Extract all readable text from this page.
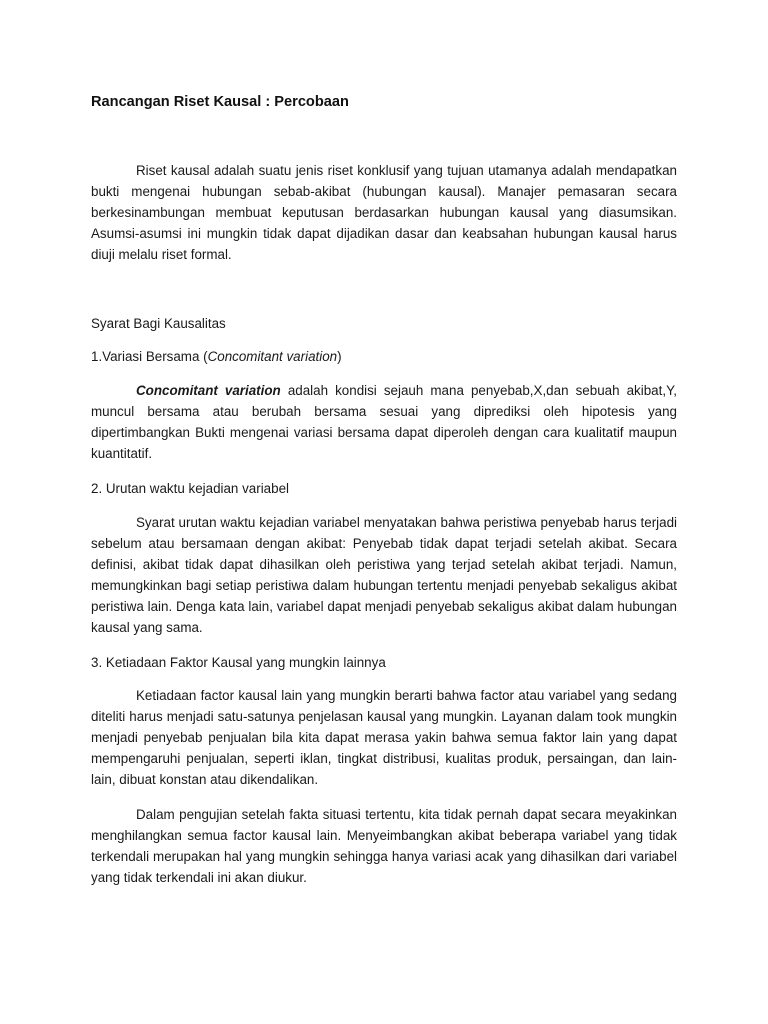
Rancangan Riset Kausal : Percobaan

Riset kausal adalah suatu jenis riset konklusif yang tujuan utamanya adalah mendapatkan bukti mengenai hubungan sebab-akibat (hubungan kausal). Manajer pemasaran secara berkesinambungan membuat keputusan berdasarkan hubungan kausal yang diasumsikan. Asumsi-asumsi ini mungkin tidak dapat dijadikan dasar dan keabsahan hubungan kausal harus diuji melalu riset formal.

Syarat Bagi Kausalitas

1.Variasi Bersama (Concomitant variation)

Concomitant variation adalah kondisi sejauh mana penyebab,X,dan sebuah akibat,Y, muncul bersama atau berubah bersama sesuai yang diprediksi oleh hipotesis yang dipertimbangkan Bukti mengenai variasi bersama dapat diperoleh dengan cara kualitatif maupun kuantitatif.

2. Urutan waktu kejadian variabel

Syarat urutan waktu kejadian variabel menyatakan bahwa peristiwa penyebab harus terjadi sebelum atau bersamaan dengan akibat: Penyebab tidak dapat terjadi setelah akibat. Secara definisi, akibat tidak dapat dihasilkan oleh peristiwa yang terjad setelah akibat terjadi. Namun, memungkinkan bagi setiap peristiwa dalam hubungan tertentu menjadi penyebab sekaligus akibat peristiwa lain. Denga kata lain, variabel dapat menjadi penyebab sekaligus akibat dalam hubungan kausal yang sama.

3. Ketiadaan Faktor Kausal yang mungkin lainnya

Ketiadaan factor kausal lain yang mungkin berarti bahwa factor atau variabel yang sedang diteliti harus menjadi satu-satunya penjelasan kausal yang mungkin. Layanan dalam took mungkin menjadi penyebab penjualan bila kita dapat merasa yakin bahwa semua faktor lain yang dapat mempengaruhi penjualan, seperti iklan, tingkat distribusi, kualitas produk, persaingan, dan lain-lain, dibuat konstan atau dikendalikan.

Dalam pengujian setelah fakta situasi tertentu, kita tidak pernah dapat secara meyakinkan menghilangkan semua factor kausal lain. Menyeimbangkan akibat beberapa variabel yang tidak terkendali merupakan hal yang mungkin sehingga hanya variasi acak yang dihasilkan dari variabel yang tidak terkendali ini akan diukur.
